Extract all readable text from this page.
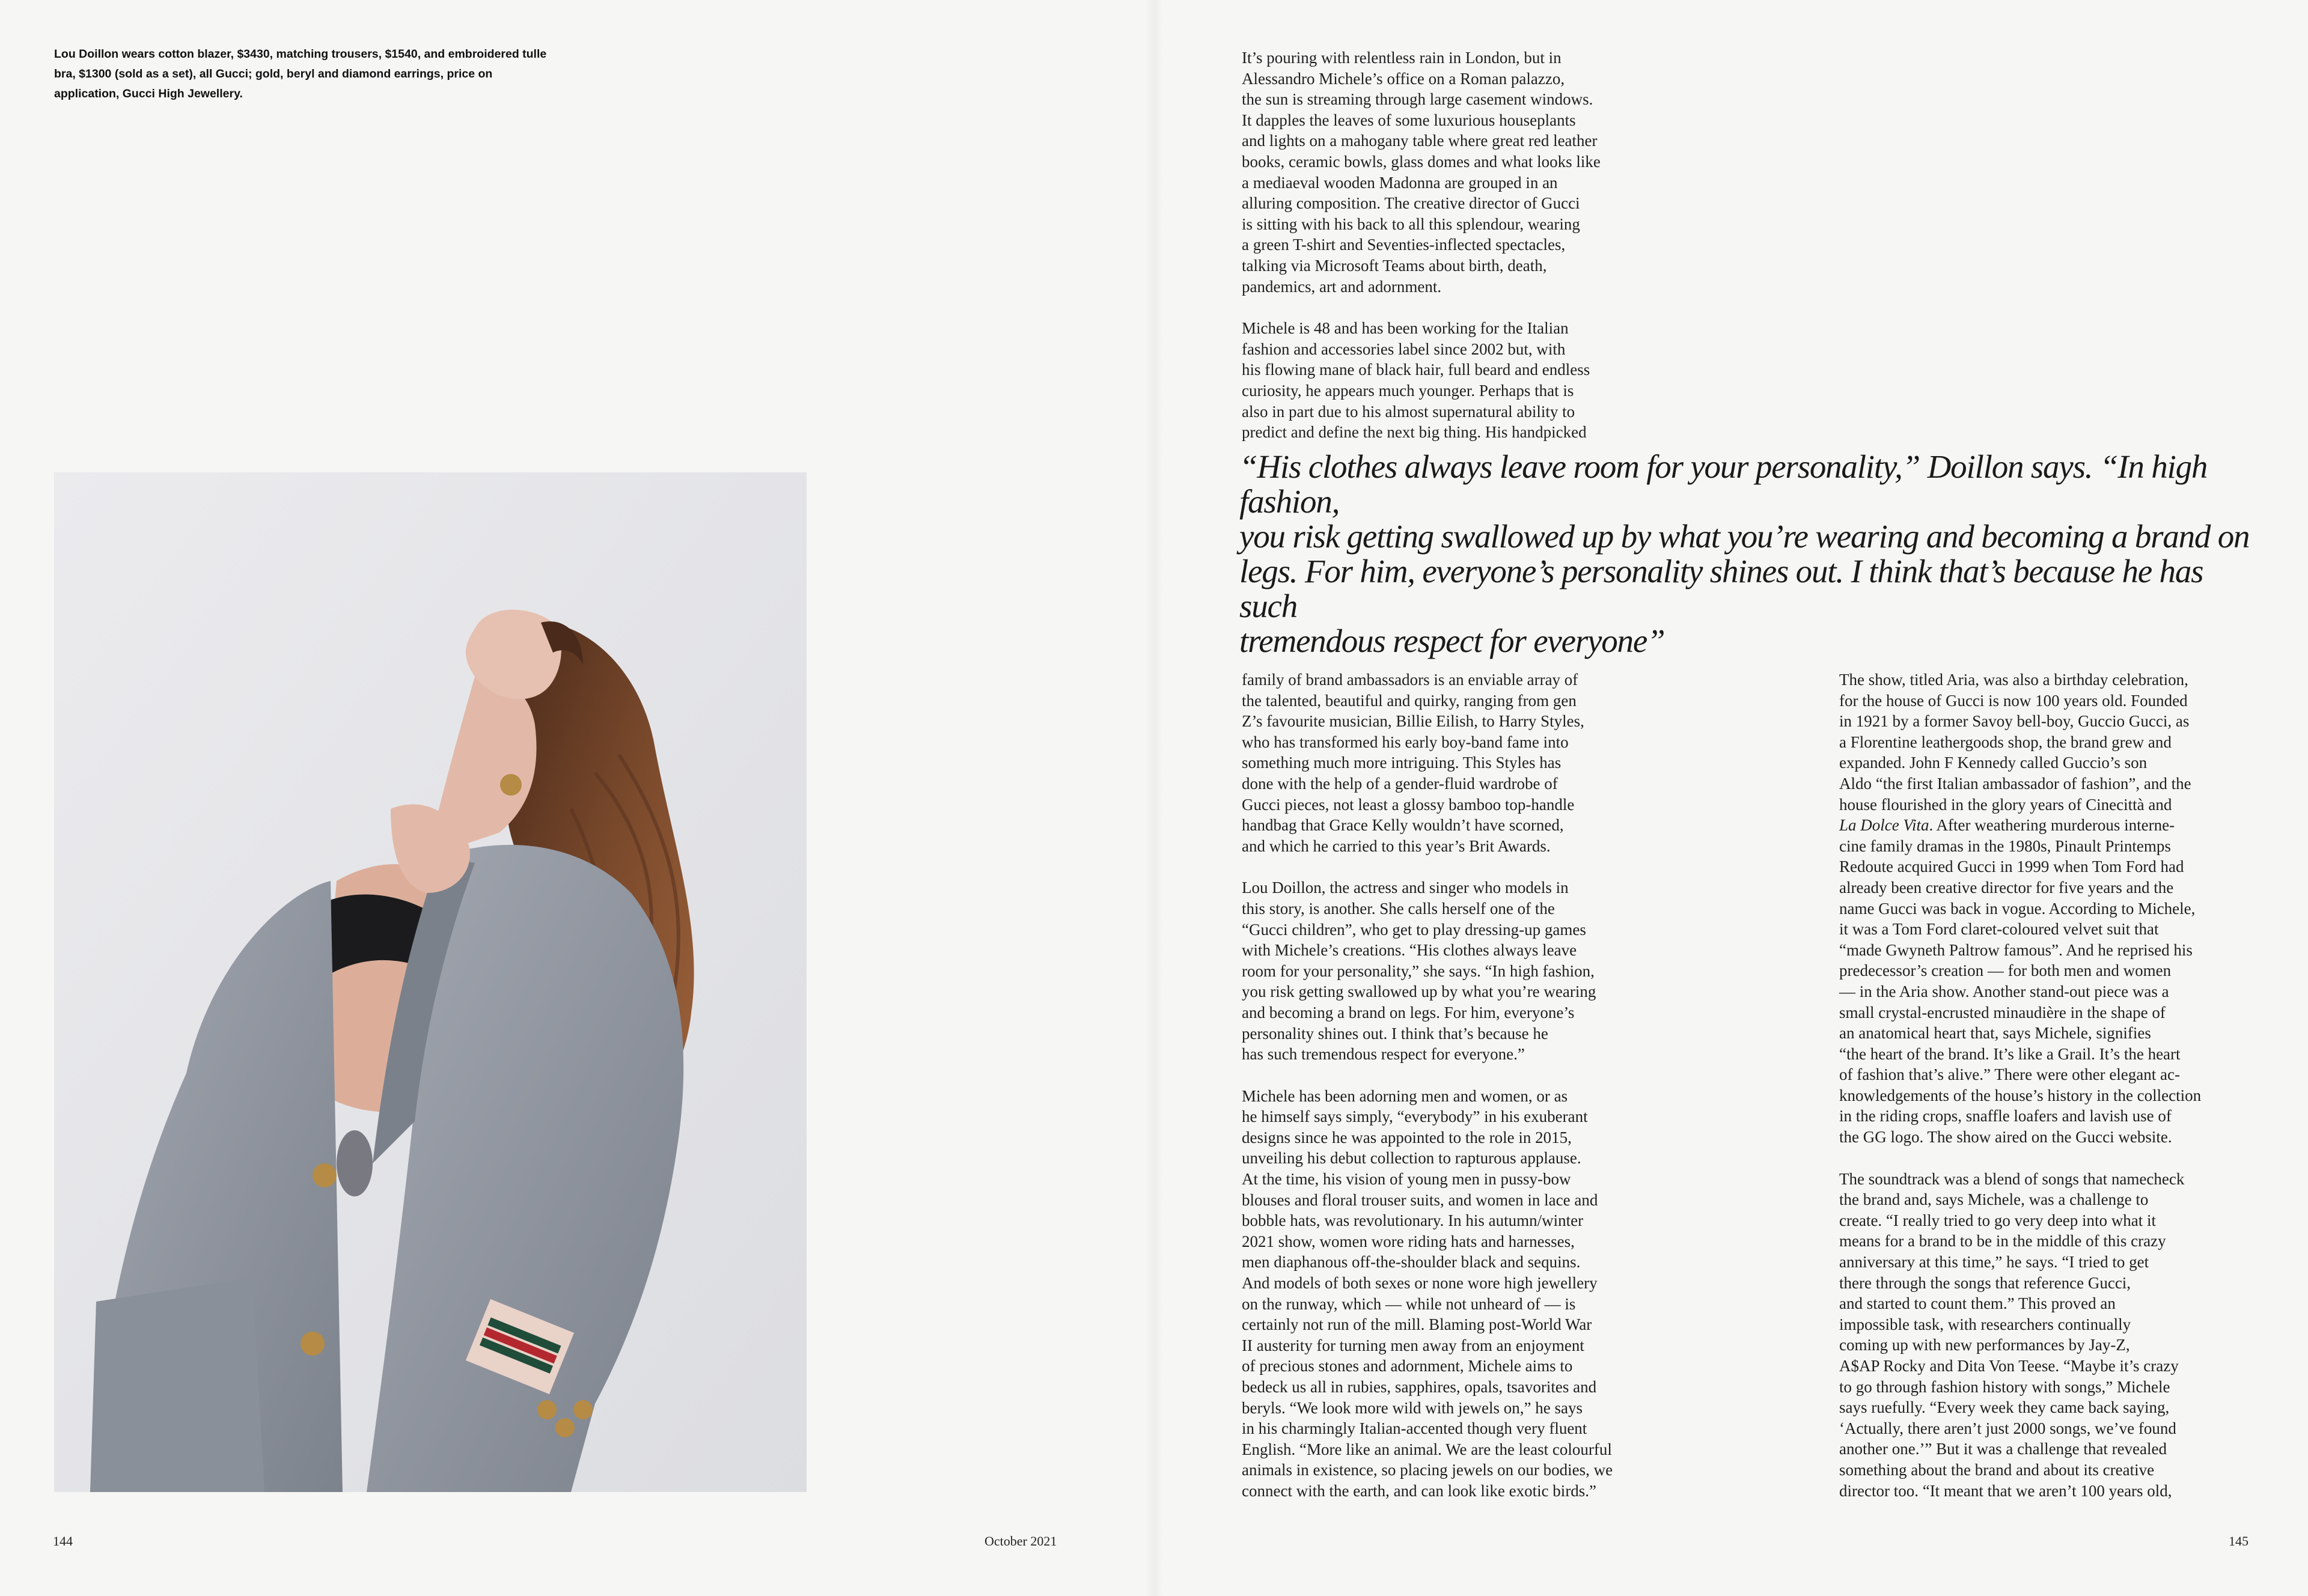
Lou Doillon wears cotton blazer, $3430, matching trousers, $1540, and embroidered tulle bra, $1300 (sold as a set), all Gucci; gold, beryl and diamond earrings, price on application, Gucci High Jewellery.
144	October 2021

It’s pouring with relentless rain in London, but in
Alessandro Michele’s office on a Roman palazzo,
the sun is streaming through large casement windows.
It dapples the leaves of some luxurious houseplants
and lights on a mahogany table where great red leather
books, ceramic bowls, glass domes and what looks like
a mediaeval wooden Madonna are grouped in an
alluring composition. The creative director of Gucci
is sitting with his back to all this splendour, wearing
a green T-shirt and Seventies-inflected spectacles,
talking via Microsoft Teams about birth, death,
pandemics, art and adornment.

Michele is 48 and has been working for the Italian
fashion and accessories label since 2002 but, with
his flowing mane of black hair, full beard and endless
curiosity, he appears much younger. Perhaps that is
also in part due to his almost supernatural ability to
predict and define the next big thing. His handpicked

“His clothes always leave room for your personality,” Doillon says. “In high fashion,
you risk getting swallowed up by what you’re wearing and becoming a brand on
legs. For him, everyone’s personality shines out. I think that’s because he has such
tremendous respect for everyone”

family of brand ambassadors is an enviable array of
the talented, beautiful and quirky, ranging from gen
Z’s favourite musician, Billie Eilish, to Harry Styles,
who has transformed his early boy-band fame into
something much more intriguing. This Styles has
done with the help of a gender-fluid wardrobe of
Gucci pieces, not least a glossy bamboo top-handle
handbag that Grace Kelly wouldn’t have scorned,
and which he carried to this year’s Brit Awards.

Lou Doillon, the actress and singer who models in
this story, is another. She calls herself one of the
“Gucci children”, who get to play dressing-up games
with Michele’s creations. “His clothes always leave
room for your personality,” she says. “In high fashion,
you risk getting swallowed up by what you’re wearing
and becoming a brand on legs. For him, everyone’s
personality shines out. I think that’s because he
has such tremendous respect for everyone.”

Michele has been adorning men and women, or as
he himself says simply, “everybody” in his exuberant
designs since he was appointed to the role in 2015,
unveiling his debut collection to rapturous applause.
At the time, his vision of young men in pussy-bow
blouses and floral trouser suits, and women in lace and
bobble hats, was revolutionary. In his autumn/winter
2021 show, women wore riding hats and harnesses,
men diaphanous off-the-shoulder black and sequins.
And models of both sexes or none wore high jewellery
on the runway, which — while not unheard of — is
certainly not run of the mill. Blaming post-World War
II austerity for turning men away from an enjoyment
of precious stones and adornment, Michele aims to
bedeck us all in rubies, sapphires, opals, tsavorites and
beryls. “We look more wild with jewels on,” he says
in his charmingly Italian-accented though very fluent
English. “More like an animal. We are the least colourful
animals in existence, so placing jewels on our bodies, we
connect with the earth, and can look like exotic birds.”

The show, titled Aria, was also a birthday celebration,
for the house of Gucci is now 100 years old. Founded
in 1921 by a former Savoy bell-boy, Guccio Gucci, as
a Florentine leathergoods shop, the brand grew and
expanded. John F Kennedy called Guccio’s son
Aldo “the first Italian ambassador of fashion”, and the
house flourished in the glory years of Cinecittà and
La Dolce Vita. After weathering murderous interne-
cine family dramas in the 1980s, Pinault Printemps
Redoute acquired Gucci in 1999 when Tom Ford had
already been creative director for five years and the
name Gucci was back in vogue. According to Michele,
it was a Tom Ford claret-coloured velvet suit that
“made Gwyneth Paltrow famous”. And he reprised his
predecessor’s creation — for both men and women
— in the Aria show. Another stand-out piece was a
small crystal-encrusted minaudière in the shape of
an anatomical heart that, says Michele, signifies
“the heart of the brand. It’s like a Grail. It’s the heart
of fashion that’s alive.” There were other elegant ac-
knowledgements of the house’s history in the collection
in the riding crops, snaffle loafers and lavish use of
the GG logo. The show aired on the Gucci website.

The soundtrack was a blend of songs that namecheck
the brand and, says Michele, was a challenge to
create. “I really tried to go very deep into what it
means for a brand to be in the middle of this crazy
anniversary at this time,” he says. “I tried to get
there through the songs that reference Gucci,
and started to count them.” This proved an
impossible task, with researchers continually
coming up with new performances by Jay-Z,
A$AP Rocky and Dita Von Teese. “Maybe it’s crazy
to go through fashion history with songs,” Michele
says ruefully. “Every week they came back saying,
‘Actually, there aren’t just 2000 songs, we’ve found
another one.’” But it was a challenge that revealed
something about the brand and about its creative
director too. “It meant that we aren’t 100 years old,

145
